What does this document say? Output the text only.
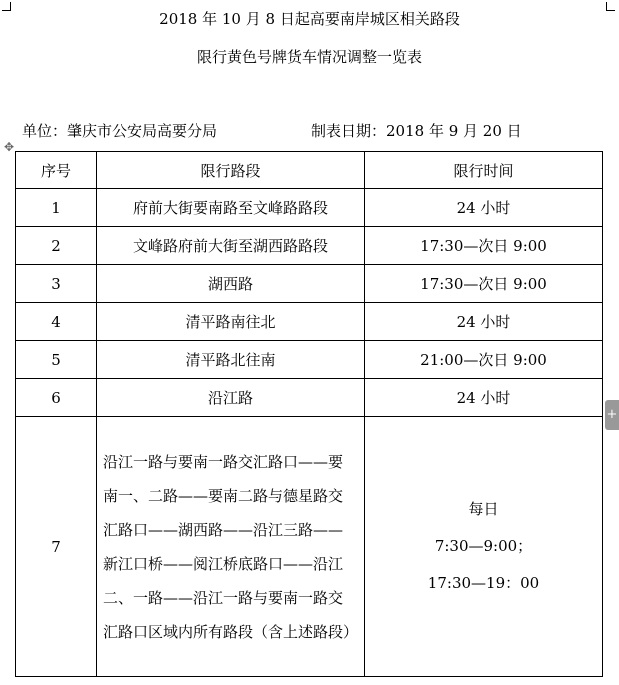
2018 年 10 月 8 日起高要南岸城区相关路段
限行黄色号牌货车情况调整一览表
单位：肇庆市公安局高要分局	制表日期：2018 年 9 月 20 日
✥
序号	限行路段	限行时间
1	府前大街要南路至文峰路路段	24 小时
2	文峰路府前大街至湖西路路段	17:30—次日 9:00
3	湖西路	17:30—次日 9:00
4	清平路南往北	24 小时
5	清平路北往南	21:00—次日 9:00
6	沿江路	24 小时
7	沿江一路与要南一路交汇路口——要南一、二路——要南二路与德星路交汇路口——湖西路——沿江三路——新江口桥——阅江桥底路口——沿江二、一路——沿江一路与要南一路交汇路口区域内所有路段（含上述路段）	每日
7:30—9:00；
17:30—19：00
+
